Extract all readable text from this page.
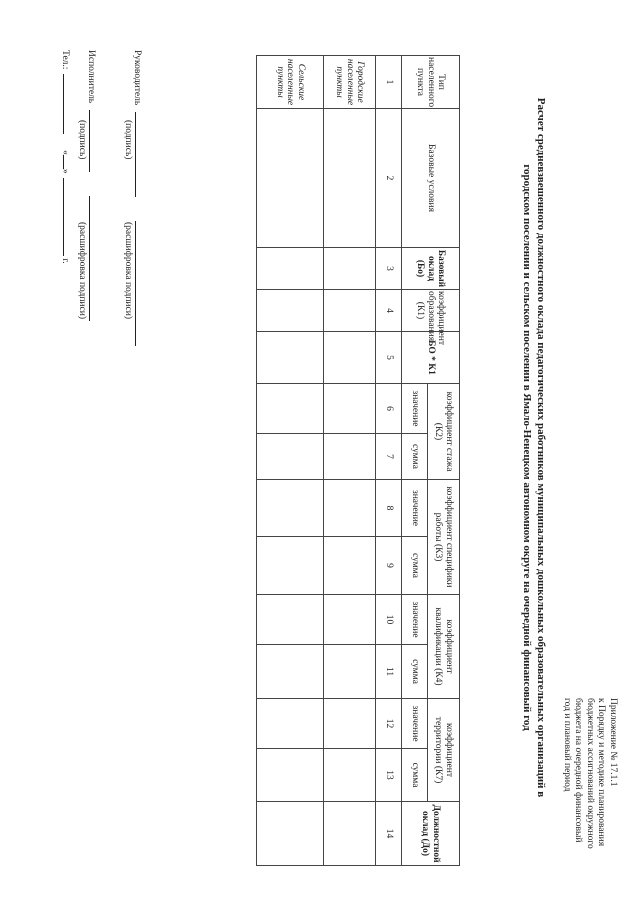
Приложение № 17.1.1
к Порядку и методике планирования
бюджетных ассигнований окружного
бюджета на очередной финансовый
год и плановый период
Расчет средневзвешенного должностного оклада педагогических работников муниципальных дошкольных образовательных организаций в
городском поселении и сельском поселении в Ямало-Ненецком автономном округе на очередной финансовый год
Тип населенного пункта	Базовые условия	Базовый оклад (Бо)	коэффициент образования (К1)	БО * К1	коэффициент стажа (К2)		коэффициент специфики работы (К3)		коэффициент квалификации (К4)		коэффициент территории (К7)		Должностной оклад (До)
					значение	сумма	значение	сумма	значение	сумма	значение	сумма	
1	2	3	4	5	6	7	8	9	10	11	12	13	14
Городские населенные пункты													
Сельские населенные пункты													
Руководитель
(подпись)
(расшифровка подписи)
Исполнитель
(подпись)
(расшифровка подписи)
Тел.:  «»  г.
